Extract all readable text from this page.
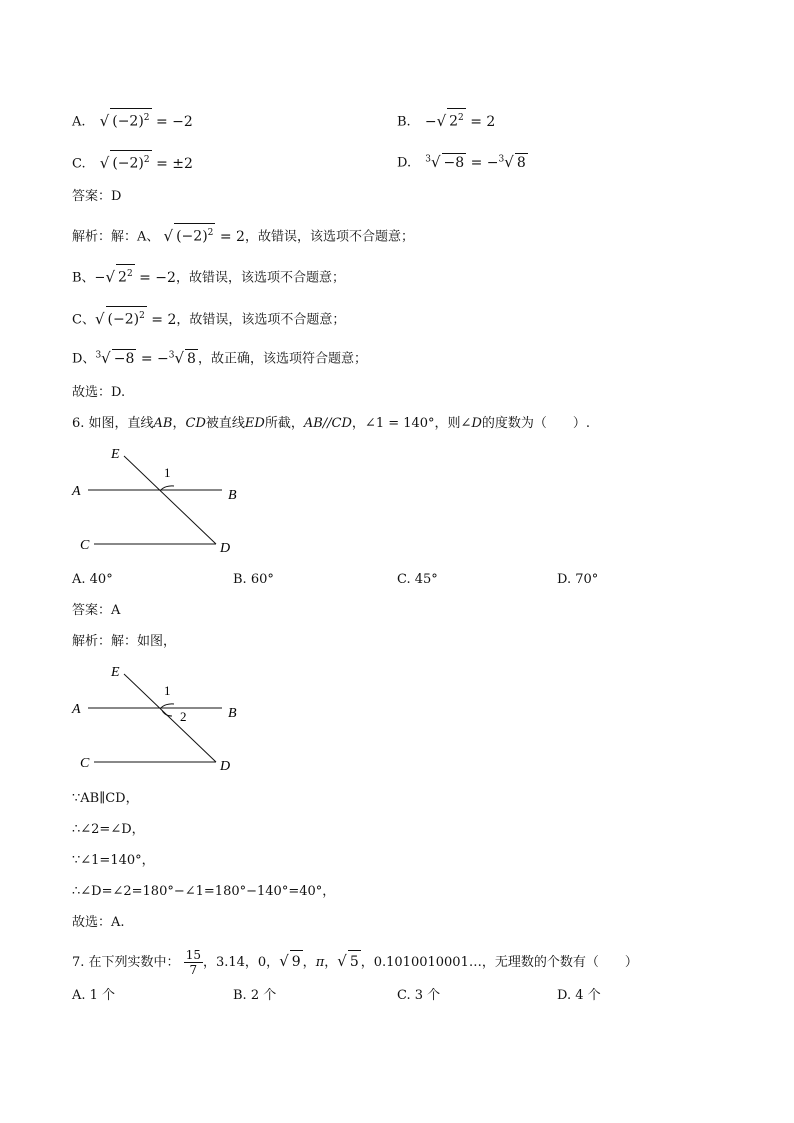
A. √ $(-2)^2 = -2$	B. −√ $2^2 = 2$
C. √ $(-2)^2 = \pm 2$	D. $^3$√ −8 = −$^3$√ 8
答案：D
解析：解：A、 √ $(-2)^2 = 2$，故错误，该选项不合题意；
B、−√ $2^2 = -2$，故错误，该选项不合题意；
C、√ $(-2)^2 = 2$，故错误，该选项不合题意；
D、$^3$√ −8 = −$^3$√ 8 ，故正确，该选项符合题意；
故选：D.
6. 如图，直线AB，CD被直线ED所截，AB//CD，∠1 = 140°，则∠D的度数为（　　）.
E
1
A	B
C	D
A. 40°	B. 60°	C. 45°	D. 70°
答案：A
解析：解：如图，
E
1
2
A	B
C	D
∵AB∥CD，
∴∠2=∠D，
∵∠1=140°，
∴∠D=∠2=180°−∠1=180°−140°=40°，
故选：A.
7. 在下列实数中： $\frac{15}{7}$ ，3.14，0，√ 9 ，π，√ 5 ，0.1010010001…，无理数的个数有（　　）
A. 1 个	B. 2 个	C. 3 个	D. 4 个
